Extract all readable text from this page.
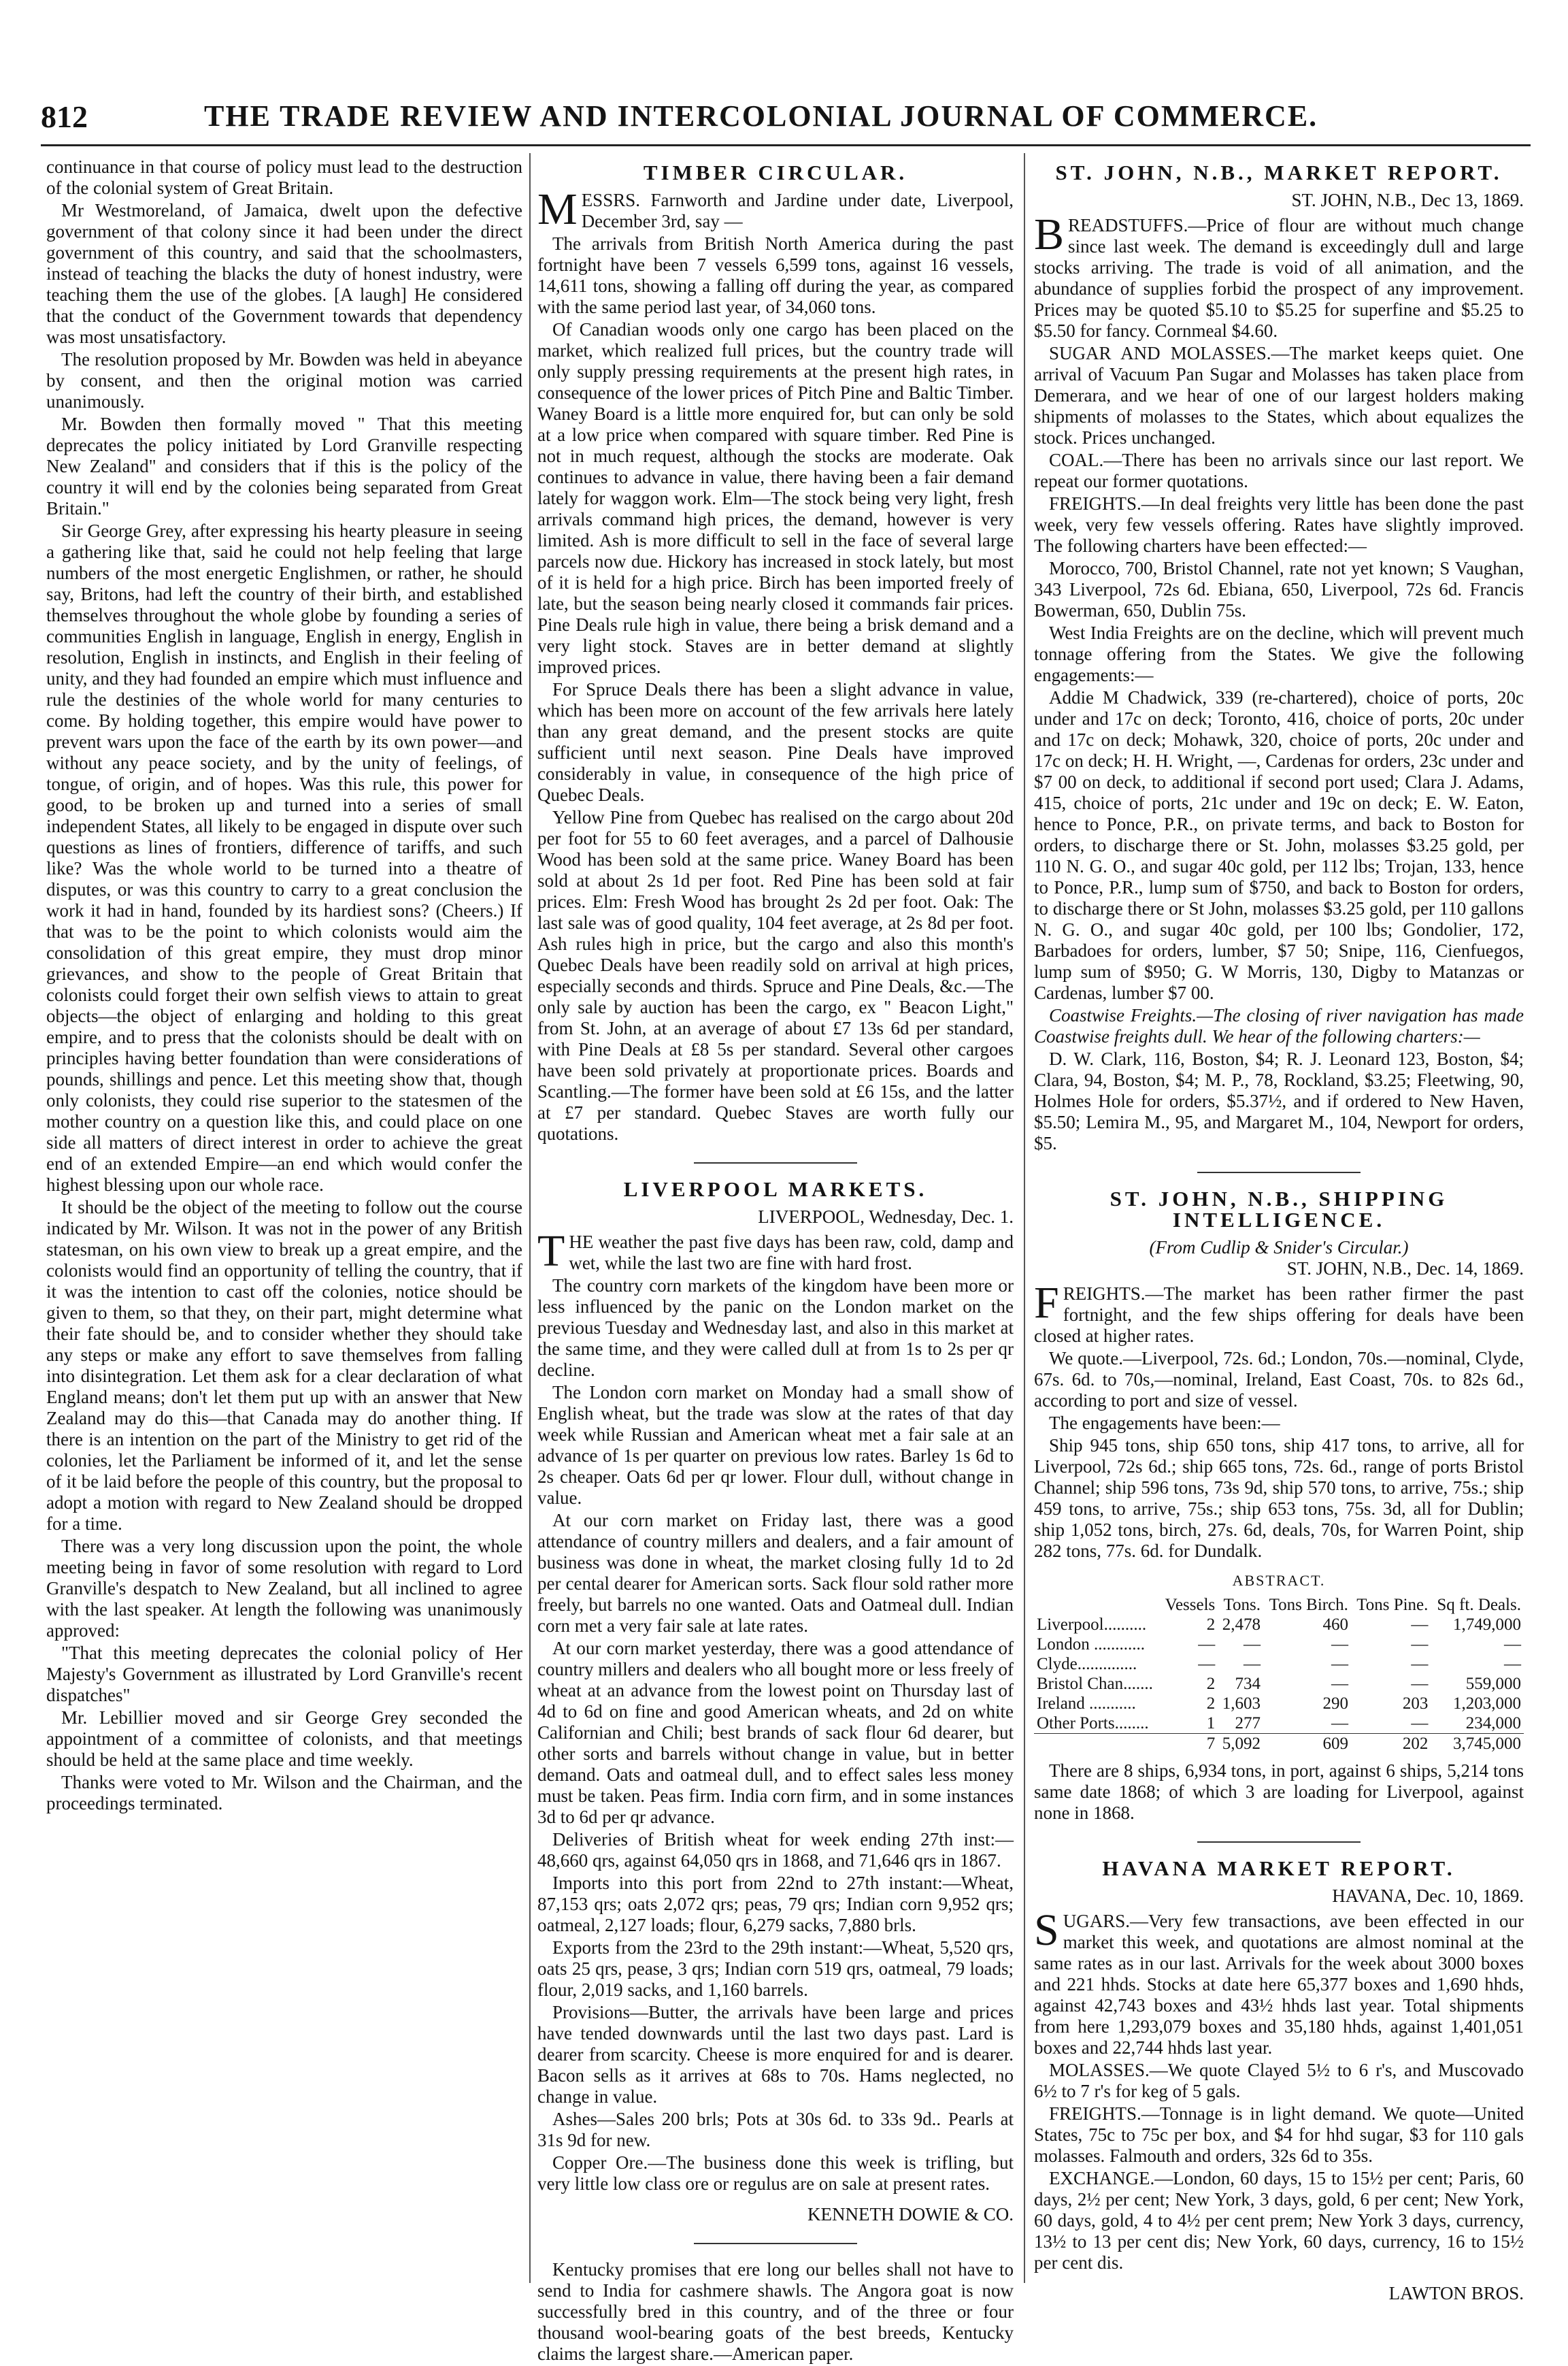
812	THE TRADE REVIEW AND INTERCOLONIAL JOURNAL OF COMMERCE.

continuance in that course of policy must lead to the destruction of the colonial system of Great Britain.

Mr Westmoreland, of Jamaica, dwelt upon the defective government of that colony since it had been under the direct government of this country, and said that the schoolmasters, instead of teaching the blacks the duty of honest industry, were teaching them the use of the globes. [A laugh] He considered that the conduct of the Government towards that dependency was most unsatisfactory.

The resolution proposed by Mr. Bowden was held in abeyance by consent, and then the original motion was carried unanimously.

Mr. Bowden then formally moved " That this meeting deprecates the policy initiated by Lord Granville respecting New Zealand" and considers that if this is the policy of the country it will end by the colonies being separated from Great Britain."

Sir George Grey, after expressing his hearty pleasure in seeing a gathering like that, said he could not help feeling that large numbers of the most energetic Englishmen, or rather, he should say, Britons, had left the country of their birth, and established themselves throughout the whole globe by founding a series of communities English in language, English in energy, English in resolution, English in instincts, and English in their feeling of unity, and they had founded an empire which must influence and rule the destinies of the whole world for many centuries to come. By holding together, this empire would have power to prevent wars upon the face of the earth by its own power—and without any peace society, and by the unity of feelings, of tongue, of origin, and of hopes. Was this rule, this power for good, to be broken up and turned into a series of small independent States, all likely to be engaged in dispute over such questions as lines of frontiers, difference of tariffs, and such like? Was the whole world to be turned into a theatre of disputes, or was this country to carry to a great conclusion the work it had in hand, founded by its hardiest sons? (Cheers.) If that was to be the point to which colonists would aim the consolidation of this great empire, they must drop minor grievances, and show to the people of Great Britain that colonists could forget their own selfish views to attain to great objects—the object of enlarging and holding to this great empire, and to press that the colonists should be dealt with on principles having better foundation than were considerations of pounds, shillings and pence. Let this meeting show that, though only colonists, they could rise superior to the statesmen of the mother country on a question like this, and could place on one side all matters of direct interest in order to achieve the great end of an extended Empire—an end which would confer the highest blessing upon our whole race.

It should be the object of the meeting to follow out the course indicated by Mr. Wilson. It was not in the power of any British statesman, on his own view to break up a great empire, and the colonists would find an opportunity of telling the country, that if it was the intention to cast off the colonies, notice should be given to them, so that they, on their part, might determine what their fate should be, and to consider whether they should take any steps or make any effort to save themselves from falling into disintegration. Let them ask for a clear declaration of what England means; don't let them put up with an answer that New Zealand may do this—that Canada may do another thing. If there is an intention on the part of the Ministry to get rid of the colonies, let the Parliament be informed of it, and let the sense of it be laid before the people of this country, but the proposal to adopt a motion with regard to New Zealand should be dropped for a time.

There was a very long discussion upon the point, the whole meeting being in favor of some resolution with regard to Lord Granville's despatch to New Zealand, but all inclined to agree with the last speaker. At length the following was unanimously approved:

"That this meeting deprecates the colonial policy of Her Majesty's Government as illustrated by Lord Granville's recent dispatches"

Mr. Lebillier moved and sir George Grey seconded the appointment of a committee of colonists, and that meetings should be held at the same place and time weekly.

Thanks were voted to Mr. Wilson and the Chairman, and the proceedings terminated.

TIMBER CIRCULAR.

MESSRS. Farnworth and Jardine under date, Liverpool, December 3rd, say —

The arrivals from British North America during the past fortnight have been 7 vessels 6,599 tons, against 16 vessels, 14,611 tons, showing a falling off during the year, as compared with the same period last year, of 34,060 tons.

Of Canadian woods only one cargo has been placed on the market, which realized full prices, but the country trade will only supply pressing requirements at the present high rates, in consequence of the lower prices of Pitch Pine and Baltic Timber. Waney Board is a little more enquired for, but can only be sold at a low price when compared with square timber. Red Pine is not in much request, although the stocks are moderate. Oak continues to advance in value, there having been a fair demand lately for waggon work. Elm—The stock being very light, fresh arrivals command high prices, the demand, however is very limited. Ash is more difficult to sell in the face of several large parcels now due. Hickory has increased in stock lately, but most of it is held for a high price. Birch has been imported freely of late, but the season being nearly closed it commands fair prices. Pine Deals rule high in value, there being a brisk demand and a very light stock. Staves are in better demand at slightly improved prices.

For Spruce Deals there has been a slight advance in value, which has been more on account of the few arrivals here lately than any great demand, and the present stocks are quite sufficient until next season. Pine Deals have improved considerably in value, in consequence of the high price of Quebec Deals.

Yellow Pine from Quebec has realised on the cargo about 20d per foot for 55 to 60 feet averages, and a parcel of Dalhousie Wood has been sold at the same price. Waney Board has been sold at about 2s 1d per foot. Red Pine has been sold at fair prices. Elm: Fresh Wood has brought 2s 2d per foot. Oak: The last sale was of good quality, 104 feet average, at 2s 8d per foot. Ash rules high in price, but the cargo and also this month's Quebec Deals have been readily sold on arrival at high prices, especially seconds and thirds. Spruce and Pine Deals, &c.—The only sale by auction has been the cargo, ex " Beacon Light," from St. John, at an average of about £7 13s 6d per standard, with Pine Deals at £8 5s per standard. Several other cargoes have been sold privately at proportionate prices. Boards and Scantling.—The former have been sold at £6 15s, and the latter at £7 per standard. Quebec Staves are worth fully our quotations.

LIVERPOOL MARKETS.
LIVERPOOL, Wednesday, Dec. 1.

THE weather the past five days has been raw, cold, damp and wet, while the last two are fine with hard frost.

The country corn markets of the kingdom have been more or less influenced by the panic on the London market on the previous Tuesday and Wednesday last, and also in this market at the same time, and they were called dull at from 1s to 2s per qr decline.

The London corn market on Monday had a small show of English wheat, but the trade was slow at the rates of that day week while Russian and American wheat met a fair sale at an advance of 1s per quarter on previous low rates. Barley 1s 6d to 2s cheaper. Oats 6d per qr lower. Flour dull, without change in value.

At our corn market on Friday last, there was a good attendance of country millers and dealers, and a fair amount of business was done in wheat, the market closing fully 1d to 2d per cental dearer for American sorts. Sack flour sold rather more freely, but barrels no one wanted. Oats and Oatmeal dull. Indian corn met a very fair sale at late rates.

At our corn market yesterday, there was a good attendance of country millers and dealers who all bought more or less freely of wheat at an advance from the lowest point on Thursday last of 4d to 6d on fine and good American wheats, and 2d on white Californian and Chili; best brands of sack flour 6d dearer, but other sorts and barrels without change in value, but in better demand. Oats and oatmeal dull, and to effect sales less money must be taken. Peas firm. India corn firm, and in some instances 3d to 6d per qr advance.

Deliveries of British wheat for week ending 27th inst:—48,660 qrs, against 64,050 qrs in 1868, and 71,646 qrs in 1867.

Imports into this port from 22nd to 27th instant:—Wheat, 87,153 qrs; oats 2,072 qrs; peas, 79 qrs; Indian corn 9,952 qrs; oatmeal, 2,127 loads; flour, 6,279 sacks, 7,880 brls.

Exports from the 23rd to the 29th instant:—Wheat, 5,520 qrs, oats 25 qrs, pease, 3 qrs; Indian corn 519 qrs, oatmeal, 79 loads; flour, 2,019 sacks, and 1,160 barrels.

Provisions—Butter, the arrivals have been large and prices have tended downwards until the last two days past. Lard is dearer from scarcity. Cheese is more enquired for and is dearer. Bacon sells as it arrives at 68s to 70s. Hams neglected, no change in value.

Ashes—Sales 200 brls; Pots at 30s 6d. to 33s 9d.. Pearls at 31s 9d for new.

Copper Ore.—The business done this week is trifling, but very little low class ore or regulus are on sale at present rates.

KENNETH DOWIE & CO.

Kentucky promises that ere long our belles shall not have to send to India for cashmere shawls. The Angora goat is now successfully bred in this country, and of the three or four thousand wool-bearing goats of the best breeds, Kentucky claims the largest share.—American paper.

ST. JOHN, N.B., MARKET REPORT.
ST. JOHN, N.B., Dec 13, 1869.

BREADSTUFFS.—Price of flour are without much change since last week. The demand is exceedingly dull and large stocks arriving. The trade is void of all animation, and the abundance of supplies forbid the prospect of any improvement. Prices may be quoted $5.10 to $5.25 for superfine and $5.25 to $5.50 for fancy. Cornmeal $4.60.

SUGAR AND MOLASSES.—The market keeps quiet. One arrival of Vacuum Pan Sugar and Molasses has taken place from Demerara, and we hear of one of our largest holders making shipments of molasses to the States, which about equalizes the stock. Prices unchanged.

COAL.—There has been no arrivals since our last report. We repeat our former quotations.

FREIGHTS.—In deal freights very little has been done the past week, very few vessels offering. Rates have slightly improved. The following charters have been effected:—

Morocco, 700, Bristol Channel, rate not yet known; S Vaughan, 343 Liverpool, 72s 6d. Ebiana, 650, Liverpool, 72s 6d. Francis Bowerman, 650, Dublin 75s.

West India Freights are on the decline, which will prevent much tonnage offering from the States. We give the following engagements:—

Addie M Chadwick, 339 (re-chartered), choice of ports, 20c under and 17c on deck; Toronto, 416, choice of ports, 20c under and 17c on deck; Mohawk, 320, choice of ports, 20c under and 17c on deck; H. H. Wright, —, Cardenas for orders, 23c under and $7 00 on deck, to additional if second port used; Clara J. Adams, 415, choice of ports, 21c under and 19c on deck; E. W. Eaton, hence to Ponce, P.R., on private terms, and back to Boston for orders, to discharge there or St. John, molasses $3.25 gold, per 110 N. G. O., and sugar 40c gold, per 112 lbs; Trojan, 133, hence to Ponce, P.R., lump sum of $750, and back to Boston for orders, to discharge there or St John, molasses $3.25 gold, per 110 gallons N. G. O., and sugar 40c gold, per 100 lbs; Gondolier, 172, Barbadoes for orders, lumber, $7 50; Snipe, 116, Cienfuegos, lump sum of $950; G. W Morris, 130, Digby to Matanzas or Cardenas, lumber $7 00.

Coastwise Freights.—The closing of river navigation has made Coastwise freights dull. We hear of the following charters:—

D. W. Clark, 116, Boston, $4; R. J. Leonard 123, Boston, $4; Clara, 94, Boston, $4; M. P., 78, Rockland, $3.25; Fleetwing, 90, Holmes Hole for orders, $5.37½, and if ordered to New Haven, $5.50; Lemira M., 95, and Margaret M., 104, Newport for orders, $5.

ST. JOHN, N.B., SHIPPING INTELLIGENCE.
(From Cudlip & Snider's Circular.)
ST. JOHN, N.B., Dec. 14, 1869.

FREIGHTS.—The market has been rather firmer the past fortnight, and the few ships offering for deals have been closed at higher rates.

We quote.—Liverpool, 72s. 6d.; London, 70s.—nominal, Clyde, 67s. 6d. to 70s,—nominal, Ireland, East Coast, 70s. to 82s 6d., according to port and size of vessel.

The engagements have been:—

Ship 945 tons, ship 650 tons, ship 417 tons, to arrive, all for Liverpool, 72s 6d.; ship 665 tons, 72s. 6d., range of ports Bristol Channel; ship 596 tons, 73s 9d, ship 570 tons, to arrive, 75s.; ship 459 tons, to arrive, 75s.; ship 653 tons, 75s. 3d, all for Dublin; ship 1,052 tons, birch, 27s. 6d, deals, 70s, for Warren Point, ship 282 tons, 77s. 6d. for Dundalk.

ABSTRACT.
	Vessels	Tons.	Tons Birch.	Tons Pine.	Sq ft. Deals.
Liverpool..........	2	2,478	460	—	1,749,000
London ............	—	—	—	—	—
Clyde..............	—	—	—	—	—
Bristol Chan.......	2	734	—	—	559,000
Ireland ...........	2	1,603	290	203	1,203,000
Other Ports........	1	277	—	—	234,000
	7	5,092	609	202	3,745,000

There are 8 ships, 6,934 tons, in port, against 6 ships, 5,214 tons same date 1868; of which 3 are loading for Liverpool, against none in 1868.

HAVANA MARKET REPORT.
HAVANA, Dec. 10, 1869.

SUGARS.—Very few transactions, ave been effected in our market this week, and quotations are almost nominal at the same rates as in our last. Arrivals for the week about 3000 boxes and 221 hhds. Stocks at date here 65,377 boxes and 1,690 hhds, against 42,743 boxes and 43½ hhds last year. Total shipments from here 1,293,079 boxes and 35,180 hhds, against 1,401,051 boxes and 22,744 hhds last year.

MOLASSES.—We quote Clayed 5½ to 6 r's, and Muscovado 6½ to 7 r's for keg of 5 gals.

FREIGHTS.—Tonnage is in light demand. We quote—United States, 75c to 75c per box, and $4 for hhd sugar, $3 for 110 gals molasses. Falmouth and orders, 32s 6d to 35s.

EXCHANGE.—London, 60 days, 15 to 15½ per cent; Paris, 60 days, 2½ per cent; New York, 3 days, gold, 6 per cent; New York, 60 days, gold, 4 to 4½ per cent prem; New York 3 days, currency, 13½ to 13 per cent dis; New York, 60 days, currency, 16 to 15½ per cent dis.

LAWTON BROS.
